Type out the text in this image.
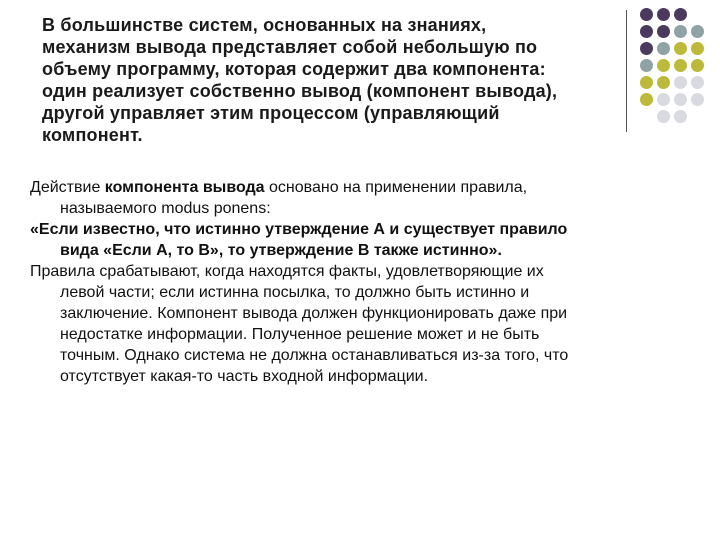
В большинстве систем, основанных на знаниях,
механизм вывода представляет собой небольшую по
объему программу, которая содержит два компонента:
один реализует собственно вывод (компонент вывода),
другой управляет этим процессом (управляющий
компонент.
Действие компонента вывода основано на применении правила,
называемого modus ponens:
«Если известно, что истинно утверждение А и существует правило
вида «Если А, то В», то утверждение В также истинно».
Правила срабатывают, когда находятся факты, удовлетворяющие их
левой части; если истинна посылка, то должно быть истинно и
заключение. Компонент вывода должен функционировать даже при
недостатке информации. Полученное решение может и не быть
точным. Однако система не должна останавливаться из-за того, что
отсутствует какая-то часть входной информации.
